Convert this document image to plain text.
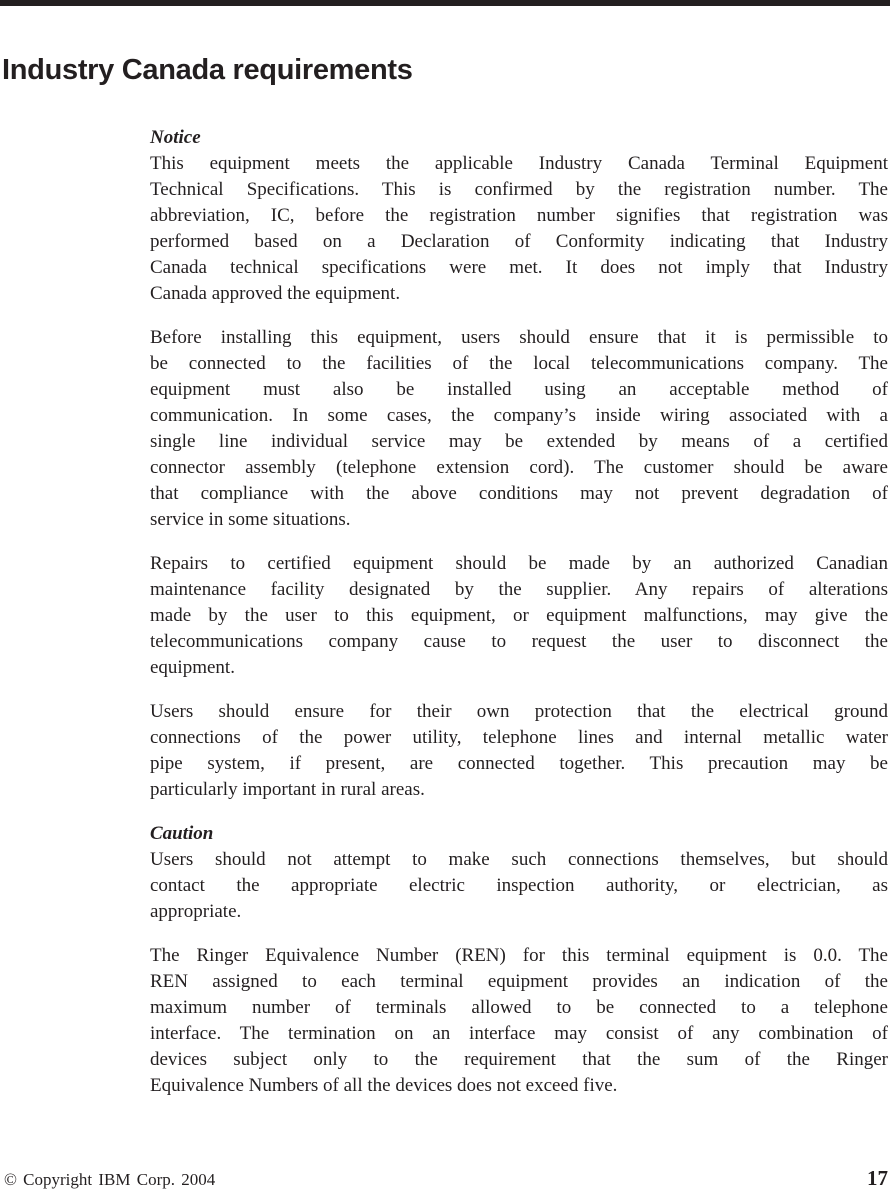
Industry Canada requirements
Notice
This equipment meets the applicable Industry Canada Terminal Equipment
Technical Specifications. This is confirmed by the registration number. The
abbreviation, IC, before the registration number signifies that registration was
performed based on a Declaration of Conformity indicating that Industry
Canada technical specifications were met. It does not imply that Industry
Canada approved the equipment.
Before installing this equipment, users should ensure that it is permissible to
be connected to the facilities of the local telecommunications company. The
equipment must also be installed using an acceptable method of
communication. In some cases, the company’s inside wiring associated with a
single line individual service may be extended by means of a certified
connector assembly (telephone extension cord). The customer should be aware
that compliance with the above conditions may not prevent degradation of
service in some situations.
Repairs to certified equipment should be made by an authorized Canadian
maintenance facility designated by the supplier. Any repairs of alterations
made by the user to this equipment, or equipment malfunctions, may give the
telecommunications company cause to request the user to disconnect the
equipment.
Users should ensure for their own protection that the electrical ground
connections of the power utility, telephone lines and internal metallic water
pipe system, if present, are connected together. This precaution may be
particularly important in rural areas.
Caution
Users should not attempt to make such connections themselves, but should
contact the appropriate electric inspection authority, or electrician, as
appropriate.
The Ringer Equivalence Number (REN) for this terminal equipment is 0.0. The
REN assigned to each terminal equipment provides an indication of the
maximum number of terminals allowed to be connected to a telephone
interface. The termination on an interface may consist of any combination of
devices subject only to the requirement that the sum of the Ringer
Equivalence Numbers of all the devices does not exceed five.
© Copyright IBM Corp. 2004	17
